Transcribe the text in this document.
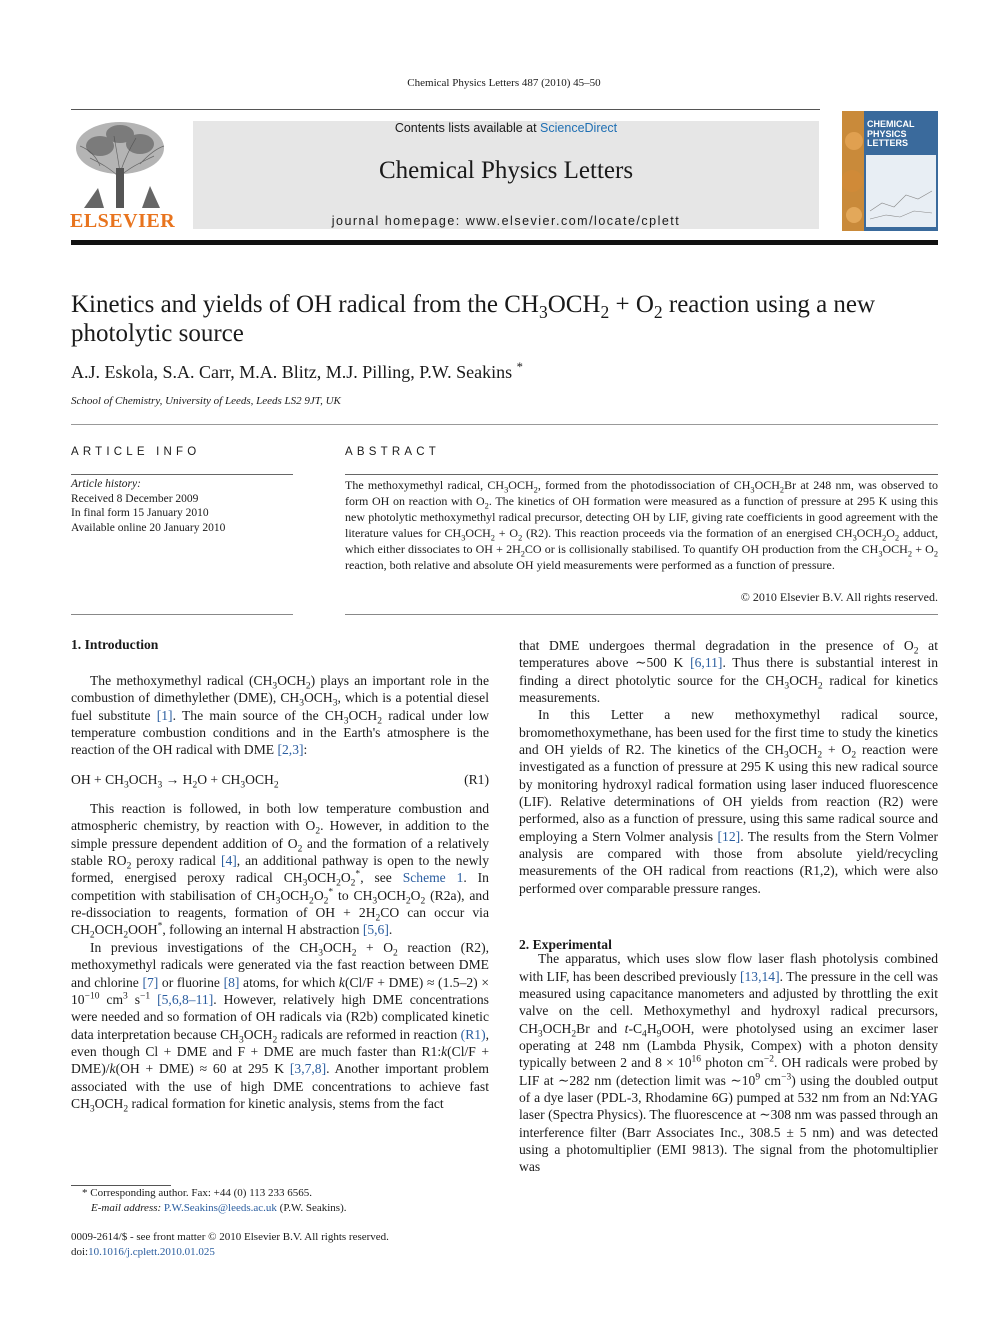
Chemical Physics Letters 487 (2010) 45–50
ELSEVIER
Contents lists available at ScienceDirect
Chemical Physics Letters
journal homepage: www.elsevier.com/locate/cplett
CHEMICAL
PHYSICS
LETTERS
Kinetics and yields of OH radical from the $CH_3OCH_2 + O_2$ reaction using a new photolytic source
A.J. Eskola, S.A. Carr, M.A. Blitz, M.J. Pilling, P.W. Seakins *
School of Chemistry, University of Leeds, Leeds LS2 9JT, UK
ARTICLE INFO	ABSTRACT
Article history:
Received 8 December 2009
In final form 15 January 2010
Available online 20 January 2010
The methoxymethyl radical, $CH_3OCH_2$, formed from the photodissociation of $CH_3OCH_2Br$ at 248 nm, was observed to form OH on reaction with $O_2$. The kinetics of OH formation were measured as a function of pressure at 295 K using this new photolytic methoxymethyl radical precursor, detecting OH by LIF, giving rate coefficients in good agreement with the literature values for $CH_3OCH_2 + O_2$ (R2). This reaction proceeds via the formation of an energised $CH_3OCH_2O_2$ adduct, which either dissociates to OH + $2H_2CO$ or is collisionally stabilised. To quantify OH production from the $CH_3OCH_2 + O_2$ reaction, both relative and absolute OH yield measurements were performed as a function of pressure.
© 2010 Elsevier B.V. All rights reserved.
1. Introduction
2. Experimental

The methoxymethyl radical $(CH_3OCH_2)$ plays an important role in the combustion of dimethylether (DME), $CH_3OCH_3$, which is a potential diesel fuel substitute [1]. The main source of the $CH_3OCH_2$ radical under low temperature combustion conditions and in the Earth's atmosphere is the reaction of the OH radical with DME [2,3]:

OH + $CH_3OCH_3 \to H_2O + CH_3OCH_2$	(R1)

This reaction is followed, in both low temperature combustion and atmospheric chemistry, by reaction with $O_2$. However, in addition to the simple pressure dependent addition of $O_2$ and the formation of a relatively stable $RO_2$ peroxy radical [4], an additional pathway is open to the newly formed, energised peroxy radical $CH_3OCH_2O_2^*$, see Scheme 1. In competition with stabilisation of $CH_3OCH_2O_2^*$ to $CH_3OCH_2O_2$ (R2a), and re-dissociation to reagents, formation of OH + $2H_2CO$ can occur via $CH_2OCH_2OOH^*$, following an internal H abstraction [5,6].

In previous investigations of the $CH_3OCH_2 + O_2$ reaction (R2), methoxymethyl radicals were generated via the fast reaction between DME and chlorine [7] or fluorine [8] atoms, for which $k(Cl/F + DME) \approx (1.5-2) \times 10^{-10}$ $cm^3$ $s^{-1}$ [5,6,8–11]. However, relatively high DME concentrations were needed and so formation of OH radicals via (R2b) complicated kinetic data interpretation because $CH_3OCH_2$ radicals are reformed in reaction (R1), even though Cl + DME and F + DME are much faster than R1:k(Cl/F + DME)/k(OH + DME) ≈ 60 at 295 K [3,7,8]. Another important problem associated with the use of high DME concentrations to achieve fast $CH_3OCH_2$ radical formation for kinetic analysis, stems from the fact

that DME undergoes thermal degradation in the presence of $O_2$ at temperatures above ∼500 K [6,11]. Thus there is substantial interest in finding a direct photolytic source for the $CH_3OCH_2$ radical for kinetics measurements.

In this Letter a new methoxymethyl radical source, bromomethoxymethane, has been used for the first time to study the kinetics and OH yields of R2. The kinetics of the $CH_3OCH_2 + O_2$ reaction were investigated as a function of pressure at 295 K using this new radical source by monitoring hydroxyl radical formation using laser induced fluorescence (LIF). Relative determinations of OH yields from reaction (R2) were performed, also as a function of pressure, using this same radical source and employing a Stern Volmer analysis [12]. The results from the Stern Volmer analysis are compared with those from absolute yield/recycling measurements of the OH radical from reactions (R1,2), which were also performed over comparable pressure ranges.

The apparatus, which uses slow flow laser flash photolysis combined with LIF, has been described previously [13,14]. The pressure in the cell was measured using capacitance manometers and adjusted by throttling the exit valve on the cell. Methoxymethyl and hydroxyl radical precursors, $CH_3OCH_2Br$ and $t-C_4H_9OOH$, were photolysed using an excimer laser operating at 248 nm (Lambda Physik, Compex) with a photon density typically between 2 and $8 \times 10^{16}$ photon $cm^{-2}$. OH radicals were probed by LIF at ∼282 nm (detection limit was $\sim 10^9$ $cm^{-3}$) using the doubled output of a dye laser (PDL-3, Rhodamine 6G) pumped at 532 nm from an Nd:YAG laser (Spectra Physics). The fluorescence at ∼308 nm was passed through an interference filter (Barr Associates Inc., 308.5 ± 5 nm) and was detected using a photomultiplier (EMI 9813). The signal from the photomultiplier was

* Corresponding author. Fax: +44 (0) 113 233 6565.
E-mail address: P.W.Seakins@leeds.ac.uk (P.W. Seakins).
0009-2614/$ - see front matter © 2010 Elsevier B.V. All rights reserved.
doi:10.1016/j.cplett.2010.01.025
